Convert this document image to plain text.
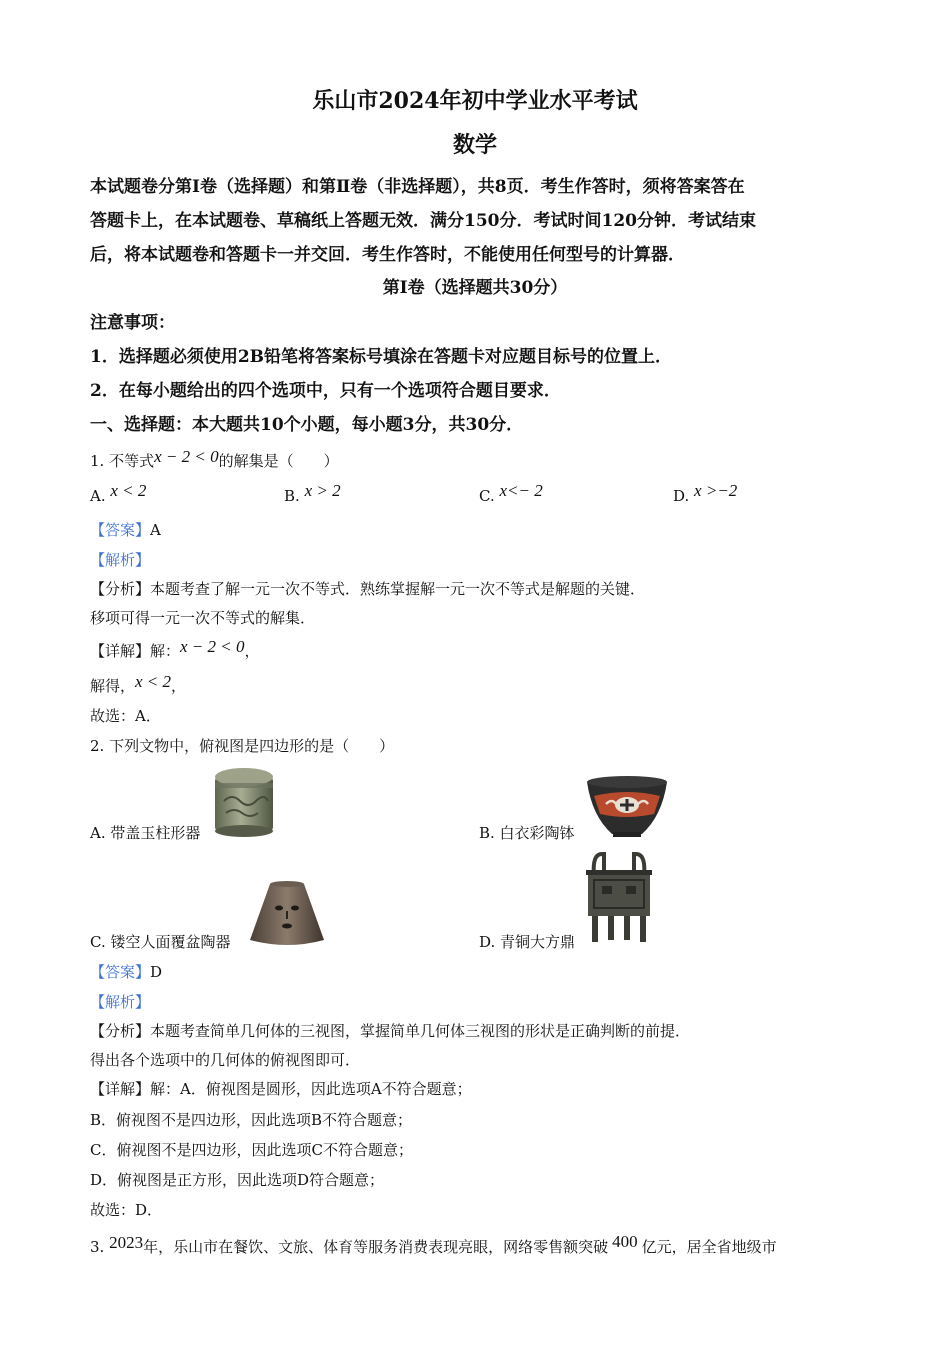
乐山市2024年初中学业水平考试
数学
本试题卷分第Ⅰ卷（选择题）和第Ⅱ卷（非选择题），共8页．考生作答时，须将答案答在
答题卡上，在本试题卷、草稿纸上答题无效．满分150分．考试时间120分钟．考试结束
后，将本试题卷和答题卡一并交回．考生作答时，不能使用任何型号的计算器．
第Ⅰ卷（选择题共30分）
注意事项：
1．选择题必须使用2B铅笔将答案标号填涂在答题卡对应题目标号的位置上．
2．在每小题给出的四个选项中，只有一个选项符合题目要求．
一、选择题：本大题共10个小题，每小题3分，共30分．
1. 不等式x − 2 < 0的解集是（　　）
A. x < 2	B. x > 2	C. x<− 2	D. x >−2
【答案】A
【解析】
【分析】本题考查了解一元一次不等式．熟练掌握解一元一次不等式是解题的关键．
移项可得一元一次不等式的解集．
【详解】解：x − 2 < 0，
解得，x < 2，
故选：A．
2. 下列文物中，俯视图是四边形的是（　　）
A. 带盖玉柱形器	B. 白衣彩陶钵
C. 镂空人面覆盆陶器	D. 青铜大方鼎
【答案】D
【解析】
【分析】本题考查简单几何体的三视图，掌握简单几何体三视图的形状是正确判断的前提．
得出各个选项中的几何体的俯视图即可．
【详解】解：A．俯视图是圆形，因此选项A不符合题意；
B．俯视图不是四边形，因此选项B不符合题意；
C．俯视图不是四边形，因此选项C不符合题意；
D．俯视图是正方形，因此选项D符合题意；
故选：D．
3. 2023年，乐山市在餐饮、文旅、体育等服务消费表现亮眼，网络零售额突破 400 亿元，居全省地级市
